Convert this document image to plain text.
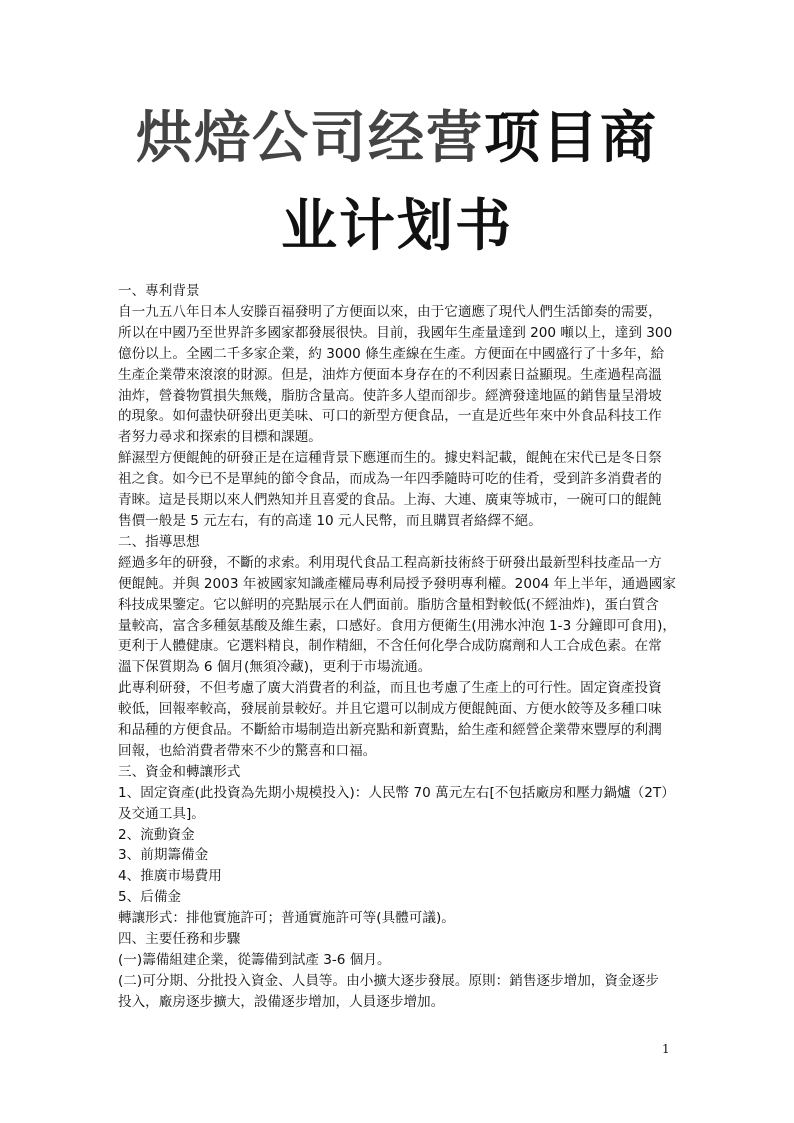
烘焙公司经营项目商
业计划书

一、專利背景

自一九五八年日本人安滕百福發明了方便面以來，由于它適應了現代人們生活節奏的需要，

所以在中國乃至世界許多國家都發展很快。目前，我國年生產量達到 200 噸以上，達到 300

億份以上。全國二千多家企業，約 3000 條生產線在生產。方便面在中國盛行了十多年，給

生產企業帶來滾滾的財源。但是，油炸方便面本身存在的不利因素日益顯現。生產過程高溫

油炸，營養物質損失無幾，脂肪含量高。使許多人望而卻步。經濟發達地區的銷售量呈滑坡

的現象。如何盡快研發出更美味、可口的新型方便食品，一直是近些年來中外食品科技工作

者努力尋求和探索的目標和課題。

鮮濕型方便餛飩的研發正是在這種背景下應運而生的。據史料記載，餛飩在宋代已是冬日祭

祖之食。如今已不是單純的節令食品，而成為一年四季隨時可吃的佳肴，受到許多消費者的

青睞。這是長期以來人們熟知并且喜愛的食品。上海、大連、廣東等城市，一碗可口的餛飩

售價一般是 5 元左右，有的高達 10 元人民幣，而且購買者絡繹不絕。

二、指導思想

經過多年的研發，不斷的求索。利用現代食品工程高新技術終于研發出最新型科技產品一方

便餛飩。并與 2003 年被國家知識產權局專利局授予發明專利權。2004 年上半年，通過國家

科技成果鑒定。它以鮮明的亮點展示在人們面前。脂肪含量相對較低(不經油炸)，蛋白質含

量較高，富含多種氨基酸及維生素，口感好。食用方便衛生(用沸水沖泡 1-3 分鐘即可食用)，

更利于人體健康。它選料精良，制作精細，不含任何化學合成防腐劑和人工合成色素。在常

溫下保質期為 6 個月(無須冷藏)，更利于市場流通。

此專利研發，不但考慮了廣大消費者的利益，而且也考慮了生產上的可行性。固定資產投資

較低，回報率較高，發展前景較好。并且它還可以制成方便餛飩面、方便水餃等及多種口味

和品種的方便食品。不斷給市場制造出新亮點和新賣點，給生產和經營企業帶來豐厚的利潤

回報，也給消費者帶來不少的驚喜和口福。

三、資金和轉讓形式

1、固定資產(此投資為先期小規模投入)：人民幣 70 萬元左右[不包括廠房和壓力鍋爐（2T）

及交通工具]。

2、流動資金

3、前期籌備金

4、推廣市場費用

5、后備金

轉讓形式：排他實施許可；普通實施許可等(具體可議)。

四、主要任務和步驟

(一)籌備組建企業，從籌備到試產 3-6 個月。

(二)可分期、分批投入資金、人員等。由小擴大逐步發展。原則：銷售逐步增加，資金逐步

投入，廠房逐步擴大，設備逐步增加，人員逐步增加。

1
